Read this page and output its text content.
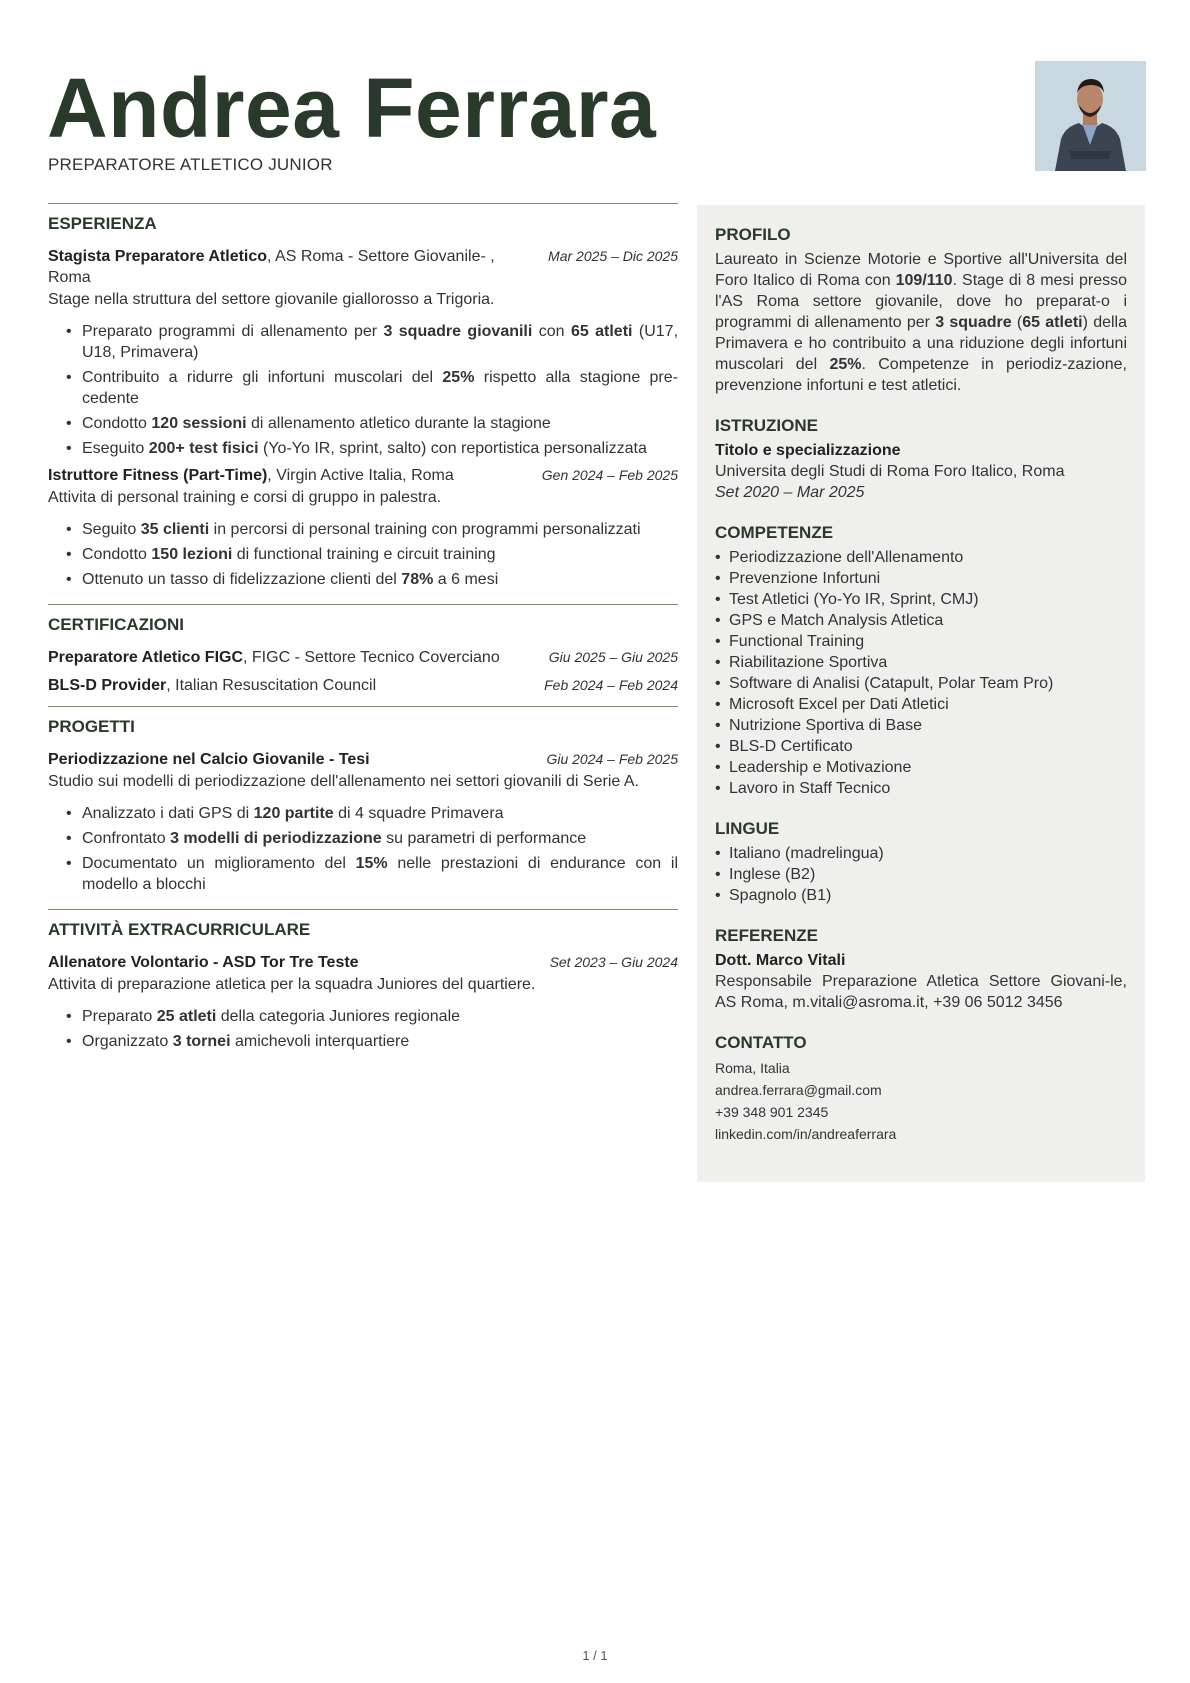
Andrea Ferrara
PREPARATORE ATLETICO JUNIOR
ESPERIENZA
Stagista Preparatore Atletico, AS Roma - Settore Giovanile- , Roma
Mar 2025 – Dic 2025
Stage nella struttura del settore giovanile giallorosso a Trigoria.
• Preparato programmi di allenamento per 3 squadre giovanili con 65 atleti (U17, U18, Primavera)
• Contribuito a ridurre gli infortuni muscolari del 25% rispetto alla stagione pre-cedente
• Condotto 120 sessioni di allenamento atletico durante la stagione
• Eseguito 200+ test fisici (Yo-Yo IR, sprint, salto) con reportistica personalizzata
Istruttore Fitness (Part-Time), Virgin Active Italia, Roma	Gen 2024 – Feb 2025
Attivita di personal training e corsi di gruppo in palestra.
• Seguito 35 clienti in percorsi di personal training con programmi personalizzati
• Condotto 150 lezioni di functional training e circuit training
• Ottenuto un tasso di fidelizzazione clienti del 78% a 6 mesi
CERTIFICAZIONI
Preparatore Atletico FIGC, FIGC - Settore Tecnico Coverciano	Giu 2025 – Giu 2025
BLS-D Provider, Italian Resuscitation Council	Feb 2024 – Feb 2024
PROGETTI
Periodizzazione nel Calcio Giovanile - Tesi	Giu 2024 – Feb 2025
Studio sui modelli di periodizzazione dell'allenamento nei settori giovanili di Serie A.
• Analizzato i dati GPS di 120 partite di 4 squadre Primavera
• Confrontato 3 modelli di periodizzazione su parametri di performance
• Documentato un miglioramento del 15% nelle prestazioni di endurance con il modello a blocchi
ATTIVITÀ EXTRACURRICULARE
Allenatore Volontario - ASD Tor Tre Teste	Set 2023 – Giu 2024
Attivita di preparazione atletica per la squadra Juniores del quartiere.
• Preparato 25 atleti della categoria Juniores regionale
• Organizzato 3 tornei amichevoli interquartiere
PROFILO
Laureato in Scienze Motorie e Sportive all'Universita del Foro Italico di Roma con 109/110. Stage di 8 mesi presso l'AS Roma settore giovanile, dove ho preparat-o i programmi di allenamento per 3 squadre (65 atleti) della Primavera e ho contribuito a una riduzione degli infortuni muscolari del 25%. Competenze in periodiz-zazione, prevenzione infortuni e test atletici.
ISTRUZIONE
Titolo e specializzazione
Universita degli Studi di Roma Foro Italico, Roma
Set 2020 – Mar 2025
COMPETENZE
• Periodizzazione dell'Allenamento
• Prevenzione Infortuni
• Test Atletici (Yo-Yo IR, Sprint, CMJ)
• GPS e Match Analysis Atletica
• Functional Training
• Riabilitazione Sportiva
• Software di Analisi (Catapult, Polar Team Pro)
• Microsoft Excel per Dati Atletici
• Nutrizione Sportiva di Base
• BLS-D Certificato
• Leadership e Motivazione
• Lavoro in Staff Tecnico
LINGUE
• Italiano (madrelingua)
• Inglese (B2)
• Spagnolo (B1)
REFERENZE
Dott. Marco Vitali
Responsabile Preparazione Atletica Settore Giovani-le, AS Roma, m.vitali@asroma.it, +39 06 5012 3456
CONTATTO
Roma, Italia
andrea.ferrara@gmail.com
+39 348 901 2345
linkedin.com/in/andreaferrara
1 / 1
